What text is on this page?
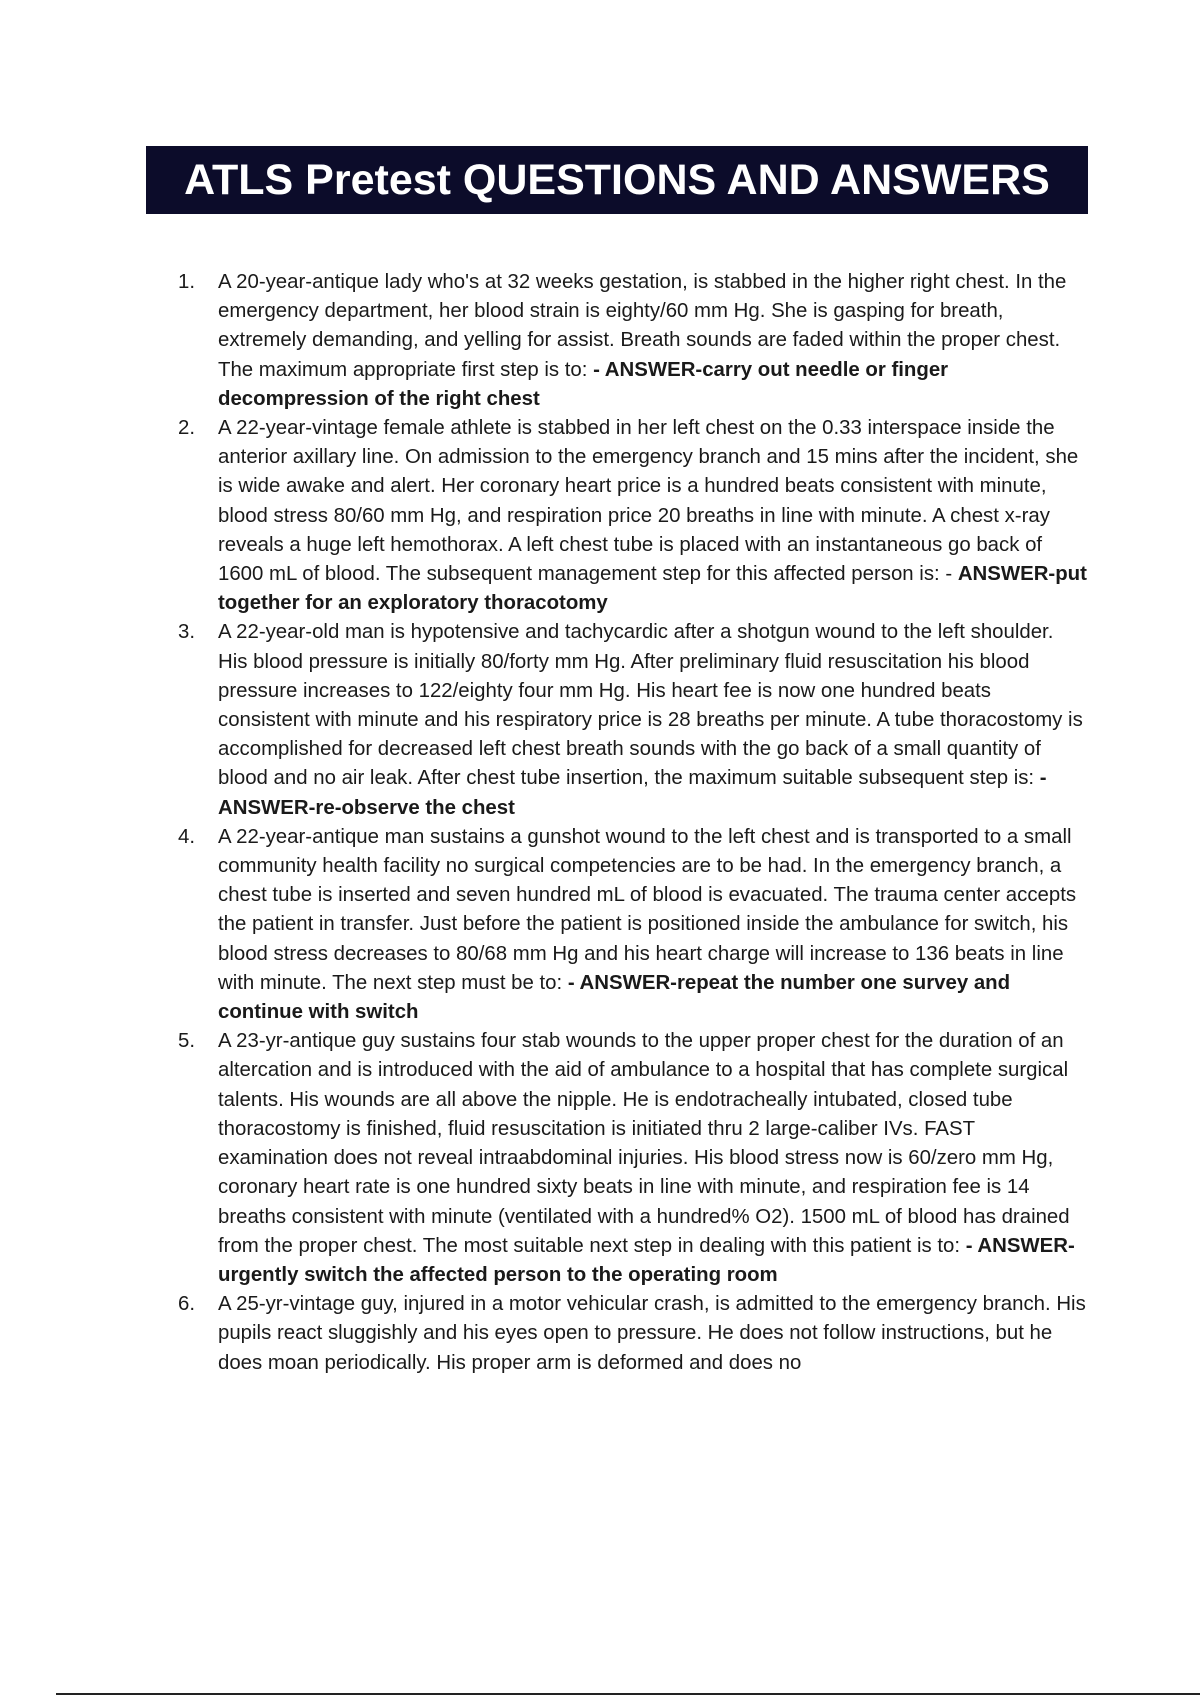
ATLS Pretest QUESTIONS AND ANSWERS
1.	A 20-year-antique lady who's at 32 weeks gestation, is stabbed in the higher right chest. In the emergency department, her blood strain is eighty/60 mm Hg. She is gasping for breath, extremely demanding, and yelling for assist. Breath sounds are faded within the proper chest. The maximum appropriate first step is to: - ANSWER-carry out needle or finger decompression of the right chest
2.	A 22-year-vintage female athlete is stabbed in her left chest on the 0.33 interspace inside the anterior axillary line. On admission to the emergency branch and 15 mins after the incident, she is wide awake and alert. Her coronary heart price is a hundred beats consistent with minute, blood stress 80/60 mm Hg, and respiration price 20 breaths in line with minute. A chest x-ray reveals a huge left hemothorax. A left chest tube is placed with an instantaneous go back of 1600 mL of blood. The subsequent management step for this affected person is: - ANSWER-put together for an exploratory thoracotomy
3.	A 22-year-old man is hypotensive and tachycardic after a shotgun wound to the left shoulder. His blood pressure is initially 80/forty mm Hg. After preliminary fluid resuscitation his blood pressure increases to 122/eighty four mm Hg. His heart fee is now one hundred beats consistent with minute and his respiratory price is 28 breaths per minute. A tube thoracostomy is accomplished for decreased left chest breath sounds with the go back of a small quantity of blood and no air leak. After chest tube insertion, the maximum suitable subsequent step is: - ANSWER-re-observe the chest
4.	A 22-year-antique man sustains a gunshot wound to the left chest and is transported to a small community health facility no surgical competencies are to be had. In the emergency branch, a chest tube is inserted and seven hundred mL of blood is evacuated. The trauma center accepts the patient in transfer. Just before the patient is positioned inside the ambulance for switch, his blood stress decreases to 80/68 mm Hg and his heart charge will increase to 136 beats in line with minute. The next step must be to: - ANSWER-repeat the number one survey and continue with switch
5.	A 23-yr-antique guy sustains four stab wounds to the upper proper chest for the duration of an altercation and is introduced with the aid of ambulance to a hospital that has complete surgical talents. His wounds are all above the nipple. He is endotracheally intubated, closed tube thoracostomy is finished, fluid resuscitation is initiated thru 2 large-caliber IVs. FAST examination does not reveal intraabdominal injuries. His blood stress now is 60/zero mm Hg, coronary heart rate is one hundred sixty beats in line with minute, and respiration fee is 14 breaths consistent with minute (ventilated with a hundred% O2). 1500 mL of blood has drained from the proper chest. The most suitable next step in dealing with this patient is to: - ANSWER-urgently switch the affected person to the operating room
6.	A 25-yr-vintage guy, injured in a motor vehicular crash, is admitted to the emergency branch. His pupils react sluggishly and his eyes open to pressure. He does not follow instructions, but he does moan periodically. His proper arm is deformed and does no
